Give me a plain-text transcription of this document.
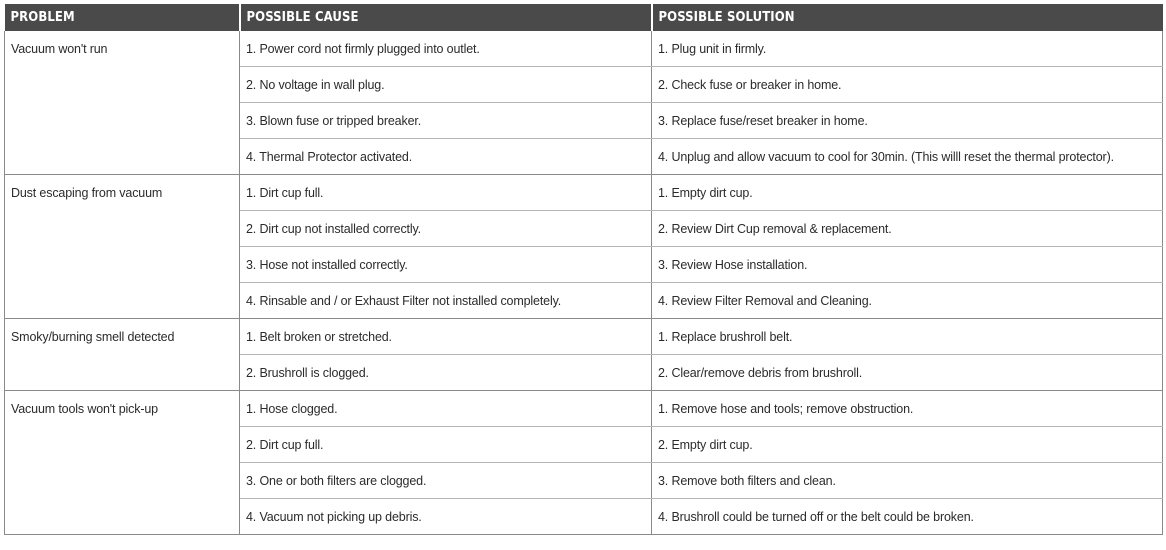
PROBLEM	POSSIBLE CAUSE	POSSIBLE SOLUTION
Vacuum won't run	1. Power cord not firmly plugged into outlet.	1. Plug unit in firmly.
	2. No voltage in wall plug.	2. Check fuse or breaker in home.
	3. Blown fuse or tripped breaker.	3. Replace fuse/reset breaker in home.
	4. Thermal Protector activated.	4. Unplug and allow vacuum to cool for 30min. (This willl reset the thermal protector).
Dust escaping from vacuum	1. Dirt cup full.	1. Empty dirt cup.
	2. Dirt cup not installed correctly.	2. Review Dirt Cup removal & replacement.
	3. Hose not installed correctly.	3. Review Hose installation.
	4. Rinsable and / or Exhaust Filter not installed completely.	4. Review Filter Removal and Cleaning.
Smoky/burning smell detected	1. Belt broken or stretched.	1. Replace brushroll belt.
	2. Brushroll is clogged.	2. Clear/remove debris from brushroll.
Vacuum tools won't pick-up	1. Hose clogged.	1. Remove hose and tools; remove obstruction.
	2. Dirt cup full.	2. Empty dirt cup.
	3. One or both filters are clogged.	3. Remove both filters and clean.
	4. Vacuum not picking up debris.	4. Brushroll could be turned off or the belt could be broken.
